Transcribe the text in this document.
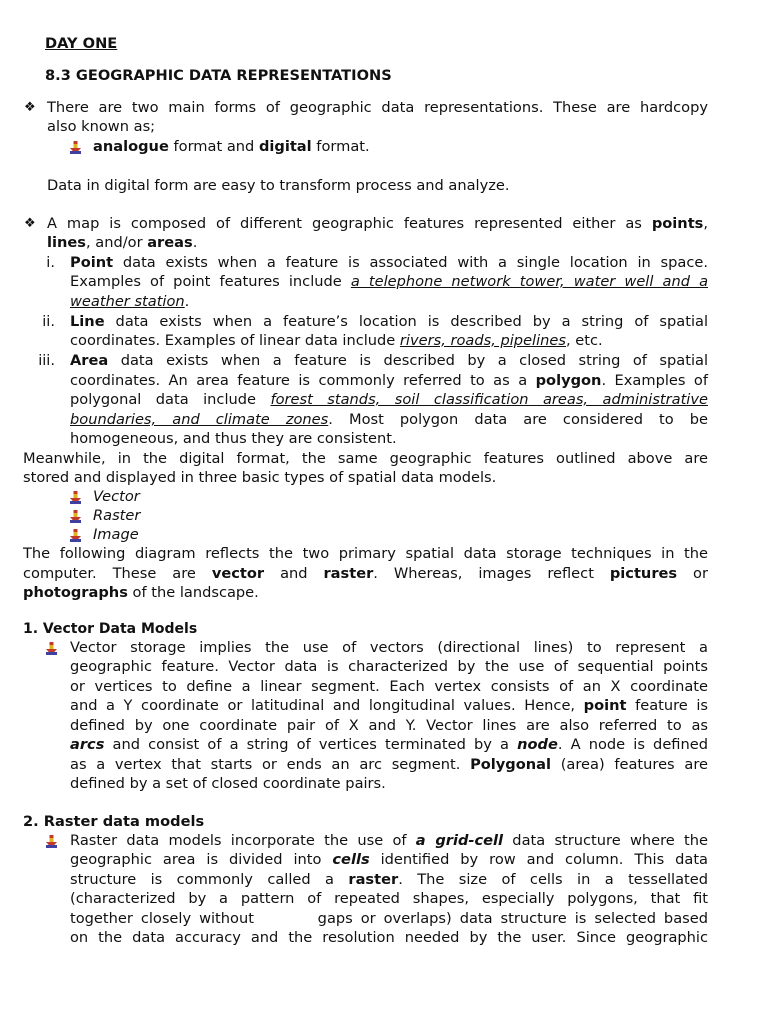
DAY ONE
8.3 GEOGRAPHIC DATA REPRESENTATIONS
❖ There are two main forms of geographic data representations. These are hardcopy
also known as;
analogue format and digital format.
Data in digital form are easy to transform process and analyze.
❖ A map is composed of different geographic features represented either as points,
lines, and/or areas.
i. Point data exists when a feature is associated with a single location in space.
Examples of point features include a telephone network tower, water well and a
weather station.
ii. Line data exists when a feature’s location is described by a string of spatial
coordinates. Examples of linear data include rivers, roads, pipelines, etc.
iii. Area data exists when a feature is described by a closed string of spatial
coordinates. An area feature is commonly referred to as a polygon. Examples of
polygonal data include forest stands, soil classification areas, administrative
boundaries, and climate zones. Most polygon data are considered to be
homogeneous, and thus they are consistent.
Meanwhile, in the digital format, the same geographic features outlined above are
stored and displayed in three basic types of spatial data models.
Vector
Raster
Image
The following diagram reflects the two primary spatial data storage techniques in the
computer. These are vector and raster. Whereas, images reflect pictures or
photographs of the landscape.
1. Vector Data Models
Vector storage implies the use of vectors (directional lines) to represent a
geographic feature. Vector data is characterized by the use of sequential points
or vertices to define a linear segment. Each vertex consists of an X coordinate
and a Y coordinate or latitudinal and longitudinal values. Hence, point feature is
defined by one coordinate pair of X and Y. Vector lines are also referred to as
arcs and consist of a string of vertices terminated by a node. A node is defined
as a vertex that starts or ends an arc segment. Polygonal (area) features are
defined by a set of closed coordinate pairs.
2. Raster data models
Raster data models incorporate the use of a grid-cell data structure where the
geographic area is divided into cells identified by row and column. This data
structure is commonly called a raster. The size of cells in a tessellated
(characterized by a pattern of repeated shapes, especially polygons, that fit
together closely without        gaps or overlaps) data structure is selected based
on the data accuracy and the resolution needed by the user. Since geographic
